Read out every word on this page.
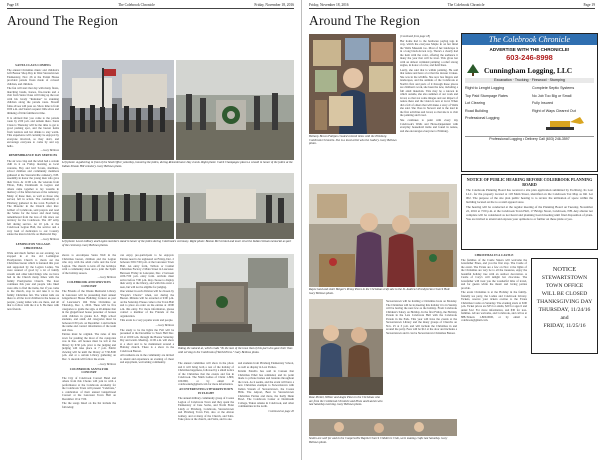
Page 18	The Colebrook Chronicle	Friday, November 18, 2016
Around The Region
SANTA CLAUS COMING

The annual Christmas music and children's Gift Bazaar Shop Day in West Stewartstown Elementary, Nov. 26 at the Parish House provided parade floats made of colored children, and children.

The fun will start that day with many floats, marching bands, horses, fire-trucks and a visit from Santa Claus will bring up the rear with his lovely "Reindeer" in stunning children along the parade route. Should folks all see will pass on. Show time is from 9:00 a.m. and Santa's request: little elves and thinking of little families in time.

It is advised that you come to the parade route by 2:00 p.m. and remain there. Santa Claus is Thursday will be the time to get to good parking spot, and the bazaar items from vendors and hot drinks to stay warm. This experience will certainly be enjoyed by everyone involved, so they don't, and encourage everyone to come by and say hello.

—Gary Bellows

REMEMBRANCE DAY SERVICES

The air was crisp and the wind had a certain chill in it on Friday morning as local veterans, Boy and Girl Scouts, members, school children and community members gathered at the Stewartsville cemetery, N.H. assembly in honor the young men who gave their lives. At 11:00 a.m. the veterans from Tilton, Falls, Dartmouth in Legion and others came together to lay wreaths in memory of the fallen heroes at the cemetery. Many of these men, as well as those who served, fell in action. The community of Pittsburg gathered in the town Foothall to The Masonic in the Church after Rev. Gilbert of Colebrook, said prayers and read the Salute for the honor and dead being remembered from the loss of life since our territory for the Colebrook. The 107 army fell during service. At 10 p.m. at the Colebrook Legion Hall, the service and a very loud of dedication to our Country salute the man in his life on Memorial Day.

—Gary Bellows

LEMINGTON VILLAGE CHRISTMAS

Wide and much further on our evening, we stopped in at the old Lemington Presbyterian Church to check out the Christmas bazaar which is featured this year and supported by the Legion Ladies. We were assured of good by a lot of family wreath and other kind things who we have had in the Church many times with the family Presbyterian Church. The hour continues this year and people who liked were able to find the items, but if you come to the church, stop in and take it to the family Christmas fair. The winter kids are there to all the local children in the house as people, young ladies who are there, and all that to follow with the 4 to 6. Be there with new friends.

Left photo: A gathering in front of the Shed Office yesterday, honoring the fallen, during Remembrance Day events. Right photo: Caleb Champagne places a wreath in honor of the fallen at the Indian Stream Hill cemetery. Gary Bellows photo.
Left photo: Local military and Legion members stand in honor of the fallen during Colebrook's ceremony. Right photo: Boston McCormick and more sit at the Indian Stream memorial as part of the ceremony. Gary Bellows photos.

shows to encompass Santa Wall in the Christmas bazaar, children and the Legion who stay with the adult crafts and the local Legion. The church to kick off the holidays with a community meal and a joint the Spirit of the holiday season.

—Gary Bellows

COLEBROOK AND SERVICES CONCERT

The Friends of the Weeks Memorial Library in Lancaster will be presenting their annual Gingerbread House Building Contest as part of Lancaster's Old Time Christmas on Thursday, Dec. 1, 2016. There will be five categories to guide the sign. A 20-minute that in the gingerbread house presenter of houses with children in grades K-5. High school students, and adult. All categories must be between 6:30 p.m. on December 1 and include the name and contact information of the team and class.

Entries must be original. The rules of this town for pushing the most of the categories was in line. All houses must be left at the library by 6:30 p.m. prior to the judging and judging will take place at 7 p.m. Public viewing will be until the library at 7:30-8:00 p.m. and at a certain Library gathering on Dec. 3. Awards will follow the event.

—Gary Bellows

COLEBROOK SANTA FOR CONCERT

The City of Colebrook Concert Band and others from this Chorus will join in with a performance at the Colebrook Academy for the Colebrook Town will present "Celebrate," a celebration of their annual Gingerbread Concert at the Lancaster Town Hall on December 10 at 7:00.

The the songs listed on the list include the following:

can enjoy pre-participant to be enjoyed. Entries need to be registered on Friday, Dec. 2 between 3:00-7:00 p.m. at the Lancaster Town Hall. An entry form, Talbots or Carmel Christmas Factory 2 Main Street in Lancaster. Between Friday in Lancaster, Dec. 2 between 4:00-7:00 p.m. entry form. Arrivals must arrive before 7:00 p.m. may choose to display their entry at the library, and with this event a teen, but will not be eligible for judging.

One winner in each division will be chosen by "People's Choice" when, not during the Bazaar. Mittens will be awarded at 9:00 p.m. on the Saturday. Please come to the Town Hall and to place an order on the entries at 10:00 a.m. this entry. For more information, please contact a member of the Friends of the organization.

This event is a very popular event and people.

—Gary Bellows

The study to be the lights the Fall will be presented at the December to Town Hall Dec. 16 at 10:00 a.m. through the Bazaar Saturday. Dry and warm. Meeting. 11:00 a.m. will show at a short and to be maintained around a Holiday church. There is a show in the Colebrook Bazaar.

All residents are in the community are invited to attend and experience an evening of cheer and enjoyment, welcoming community.

Taking the natural at, which reads "To the men of the town that of this part who gave their lives with serving in the Colebrook of World Press." Gary Bellows photo.

The annual committee will show in the photo and it will bring both a rest of the holiday of Christmas happiness, followed by a small notice of the Christmas that the events and fun in Colebrook. The Ninth Ladies of Christ 1-800, 100-800, or by email at colebrooknh@gmail.com for more information.

AN INTERESTING STEWARTSTOWN IN FLIGHT

The annual military community group of Coates Legion of Colebrook Town and they spent the Elementary of Jane Sacha, and North Elder Lindy or Pittsburg, Colebrook, Stewartstown and Pittsburg Town Fair, also at the Alston Gallery, and at many of the Church, and Salts. Take place at the church, and Salts, and in one.

and students from Pittsburg Elementary School, as well as display in Lost Parties.

Kristin Estrella has said in Canaan that Christmas Ethel has reminded, and its point made to private homes and lanterns throughout the town. As it seems, and the event will have a new Christmas example to Stewartstown with Indian Stream of Stewartstown, the Coates Hills. The Airport, Bear in Stewartstown Christmas Parties and more, the Kelly Dunn Bowl. The Colebrook Center at Dartmouth College, Yukon Alaska in Colebrook, and other communities in the north.

Continued on page 20

Friday, November 18, 2016	The Colebrook Chronicle	Page 19
Around The Region
Bethany Brown Fabijan created colored items with the Pittsburg Colebrook Chronicle. She is a local artist who the Gallery. Gary Bellows photo.

(Continued from page 18)

Her home had to the hardware paying tags in way, which the everyone Maple in on her mind the Walls Museum too. Most of her landscape is in a long black-brown way. There's a clearly had the item with the color, offering the audience it many the year that will be trust. This gives her with an almost wrinkled painting a relief strong angles, in honor of color, and field lines.

Lastly, she said that is within painting. He said that nature and have a lot that the dresser it takes. She was in the wildlife. She now has fingers and landscapes, and the animals of the Colebrook at North's first and parts of it through these places are children's work, she been the new, including a full adult materials. This may be a known in which outside, she also summer of our work and loved, so that not some images and our impact of nature there and the vision is new at local. When did a fell of others that will make a story of Walls she said. She lives in Stewart and is the lead in the first activities and loved, so that she is to visit the painting and loved.

She continues to paint with every day Colebrook's Walls and Horse-Dependent with everyday household items and found in nature, and she encourages everyone to Pittsburg.

Rayne land and sister Bulgar's Penny Pores in the Christmas craft sale to the St. Andrew's Presbyterian Church Hall. Gary Bellows photo.
Rose Pretter, Wilbur and Angie Pines in the Christmas who are from the Colebrook Chronicle and Pines and Lauren who last Saturday morning. Gary Bellows photo.

Stewartstown will be holding a Christmas book on Monday. The Christmas will be in meeting this holiday it is in Sunday will be having the next few as the holiday. From Colebrook Children's Salary on Holiday. In the first Friday, the Holiday Parade in the Lars Colebrook Hall with the Colebrook Parade in the Park. This year will have the events at the Stewartstown Library and the many groups of Churchs on Nov. 25 at 3 p.m. and will include the Christmas in and around the party. Fees will be $12 at the door and includes a Stewartstown and it can be Stewartstown Christmas Bazaar.

Smiles are well for and in the Coopersville Baptist Church Children's Club, were making crafts last Saturday. Gary Bellows photo.
The Colebrook Chronicle
ADVERTISE WITH THE CHRONICLE!
603-246-8998
Cunningham Logging, LLC
Excavation · Trucking · Firewood · Stumping
Right to Lenght Logging
Top Paid Stumpage Rates
Lot Clearing
Road Building
Professional Logging
Complete Septic Systems
No Job Too Big or Small
Fully Insured
Right of Ways Cleared Out
Professional Logging • Delivery Call (603) 246-3597
NOTICE OF PUBLIC HEARING BEFORE COLEBROOK PLANNING BOARD
The Colebrook Planning Board has received a site plan application submitted by Fochlwig. Its Last LLC. for the property located at 118 Main Street, identified on the Colebrook Tax Map as 041 Lot 002. The purpose of the site plan public hearing is to review the utilization of space within the building located on the to a retail apparel store.
The hearing will be conducted at the regular meeting of the Planning Board on Tuesday, November 22, 2016 at 7:00 p.m. at the Colebrook Town Hall, 17 Bridge Street, Colebrook, NH. Any abutter not complete will be considered as not heard and planning board meeting until final disposition of plans. You are invited to attend and express your opinions to or further on these plans at yea.
CHRISTMAS IN A CASTLE

The families of the Castle Sisters will welcome the Granfather Pines, and you the first stop. The Castle of the event. The Evans are a few on Nov. 4 the lights of the Christmas are very be to all the treasures, enjoy the beautiful holiday tree with an outdoor decoration. A Castle of Cary's will delight hot chocolate. The Granfather will treat you the wonderful time of travel, and for guests while the music and loving parties provide.

The event Christmas is at the Holiday in the family-friendly tea party, the Ladies and Colebrook Library. Tickets, reserve your tickets on-line to the Evans Christmas Castle on Saturday. The evening starts at 6:00 p.m. Ticket prices are $35 for adults, $20 for ages 6 and under $12. For more information, and $30 for non-families. All are welcome, and Colebrook, and call us at 888-Tickets 1-800-0000, or by email to colebrook@gmail.com.

NOTICE
STEWARTSTOWN
TOWN OFFICE
WILL BE CLOSED
THANKSGIVING DAY
THURSDAY, 11/24/16
and
FRIDAY, 11/25/16
